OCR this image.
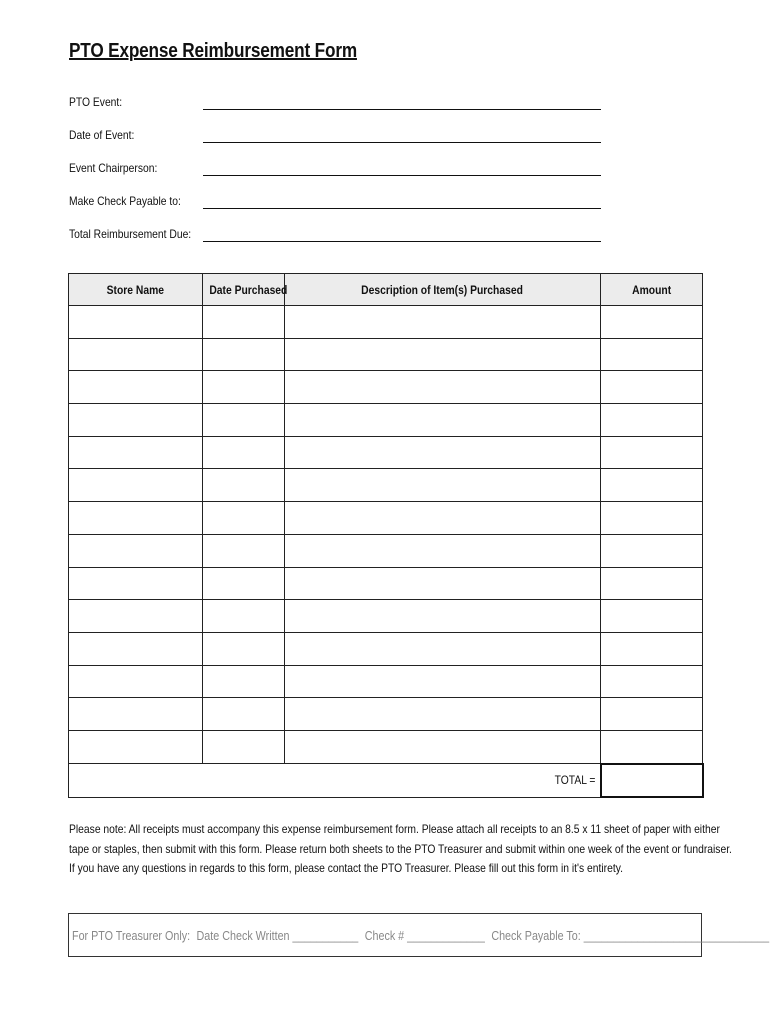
PTO Expense Reimbursement Form
PTO Event:
Date of Event:
Event Chairperson:
Make Check Payable to:
Total Reimbursement Due:
Store Name	Date Purchased	Description of Item(s) Purchased	Amount

TOTAL =			

Please note: All receipts must accompany this expense reimbursement form. Please attach all receipts to an 8.5 x 11 sheet of paper with either

tape or staples, then submit with this form. Please return both sheets to the PTO Treasurer and submit within one week of the event or fundraiser.

If you have any questions in regards to this form, please contact the PTO Treasurer. Please fill out this form in it's entirety.

For PTO Treasurer Only: Date Check Written ___________ Check # _____________ Check Payable To: _______________________________
